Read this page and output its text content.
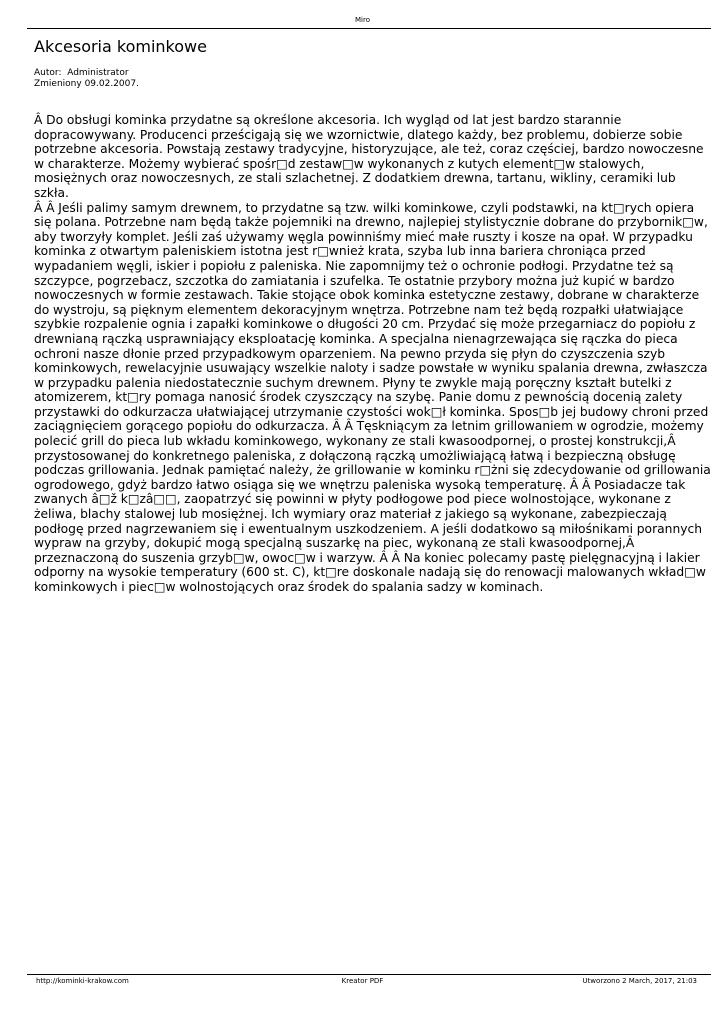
Miro
Akcesoria kominkowe
Autor:  Administrator
Zmieniony 09.02.2007.

Â Do obsługi kominka przydatne są określone akcesoria. Ich wygląd od lat jest bardzo starannie dopracowywany. Producenci prześcigają się we wzornictwie, dlatego każdy, bez problemu, dobierze sobie potrzebne akcesoria. Powstają zestawy tradycyjne, historyzujące, ale też, coraz częściej, bardzo nowoczesne w charakterze. Możemy wybierać spośr□d zestaw□w wykonanych z kutych element□w stalowych, mosiężnych oraz nowoczesnych, ze stali szlachetnej. Z dodatkiem drewna, tartanu, wikliny, ceramiki lub szkła.
Â Â Jeśli palimy samym drewnem, to przydatne są tzw. wilki kominkowe, czyli podstawki, na kt□rych opiera się polana. Potrzebne nam będą także pojemniki na drewno, najlepiej stylistycznie dobrane do przybornik□w, aby tworzyły komplet. Jeśli zaś używamy węgla powinniśmy mieć małe ruszty i kosze na opał. W przypadku kominka z otwartym paleniskiem istotna jest r□wnież krata, szyba lub inna bariera chroniąca przed wypadaniem węgli, iskier i popiołu z paleniska. Nie zapomnijmy też o ochronie podłogi. Przydatne też są szczypce, pogrzebacz, szczotka do zamiatania i szufelka. Te ostatnie przybory można już kupić w bardzo nowoczesnych w formie zestawach. Takie stojące obok kominka estetyczne zestawy, dobrane w charakterze do wystroju, są pięknym elementem dekoracyjnym wnętrza. Potrzebne nam też będą rozpałki ułatwiające szybkie rozpalenie ognia i zapałki kominkowe o długości 20 cm. Przydać się może przegarniacz do popiołu z drewnianą rączką usprawniający eksploatację kominka. A specjalna nienagrzewająca się rączka do pieca ochroni nasze dłonie przed przypadkowym oparzeniem. Na pewno przyda się płyn do czyszczenia szyb kominkowych, rewelacyjnie usuwający wszelkie naloty i sadze powstałe w wyniku spalania drewna, zwłaszcza w przypadku palenia niedostatecznie suchym drewnem. Płyny te zwykle mają poręczny kształt butelki z atomizerem, kt□ry pomaga nanosić środek czyszczący na szybę. Panie domu z pewnością docenią zalety przystawki do odkurzacza ułatwiającej utrzymanie czystości wok□ł kominka. Spos□b jej budowy chroni przed zaciągnięciem gorącego popiołu do odkurzacza. Â Â Tęskniącym za letnim grillowaniem w ogrodzie, możemy polecić grill do pieca lub wkładu kominkowego, wykonany ze stali kwasoodpornej, o prostej konstrukcji,Â przystosowanej do konkretnego paleniska, z dołączoną rączką umożliwiającą łatwą i bezpieczną obsługę podczas grillowania. Jednak pamiętać należy, że grillowanie w kominku r□żni się zdecydowanie od grillowania ogrodowego, gdyż bardzo łatwo osiąga się we wnętrzu paleniska wysoką temperaturę. Â Â Posiadacze tak zwanych â□ž k□zâ□□, zaopatrzyć się powinni w płyty podłogowe pod piece wolnostojące, wykonane z żeliwa, blachy stalowej lub mosiężnej. Ich wymiary oraz materiał z jakiego są wykonane, zabezpieczają podłogę przed nagrzewaniem się i ewentualnym uszkodzeniem. A jeśli dodatkowo są miłośnikami porannych wypraw na grzyby, dokupić mogą specjalną suszarkę na piec, wykonaną ze stali kwasoodpornej,Â przeznaczoną do suszenia grzyb□w, owoc□w i warzyw. Â Â Na koniec polecamy pastę pielęgnacyjną i lakier odporny na wysokie temperatury (600 st. C), kt□re doskonale nadają się do renowacji malowanych wkład□w kominkowych i piec□w wolnostojących oraz środek do spalania sadzy w kominach.

http://kominki-krakow.com	Kreator PDF	Utworzono 2 March, 2017, 21:03
